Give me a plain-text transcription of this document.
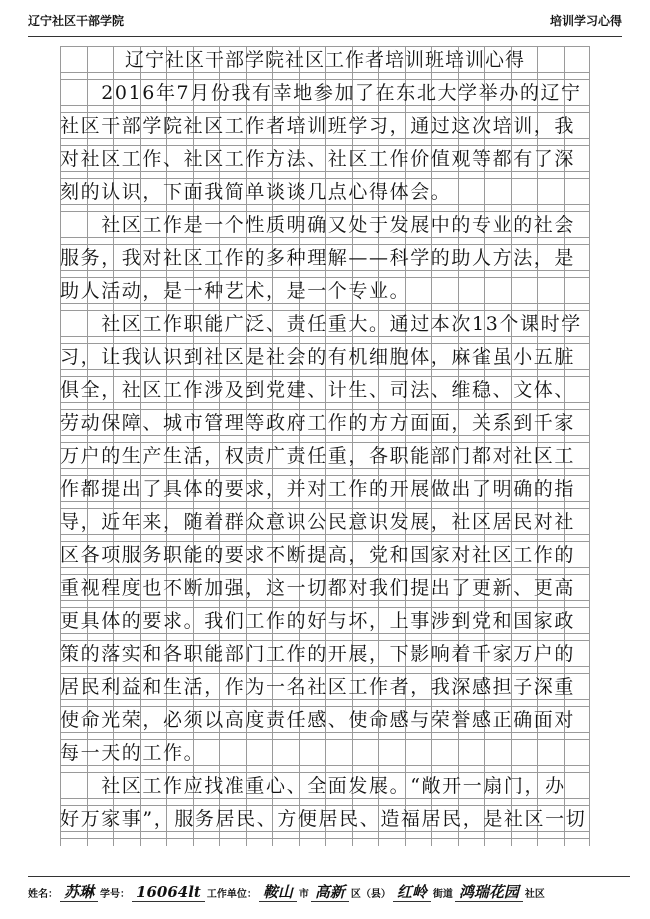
辽宁社区干部学院	培训学习心得
辽宁社区干部学院社区工作者培训班培训心得
　　2016年7月份我有幸地参加了在东北大学举办的辽宁
社区干部学院社区工作者培训班学习，通过这次培训，我
对社区工作、社区工作方法、社区工作价值观等都有了深
刻的认识，下面我简单谈谈几点心得体会。
　　社区工作是一个性质明确又处于发展中的专业的社会
服务，我对社区工作的多种理解——科学的助人方法，是
助人活动，是一种艺术，是一个专业。
　　社区工作职能广泛、责任重大。通过本次13个课时学
习，让我认识到社区是社会的有机细胞体，麻雀虽小五脏
俱全，社区工作涉及到党建、计生、司法、维稳、文体、
劳动保障、城市管理等政府工作的方方面面，关系到千家
万户的生产生活，权责广责任重，各职能部门都对社区工
作都提出了具体的要求，并对工作的开展做出了明确的指
导，近年来，随着群众意识公民意识发展，社区居民对社
区各项服务职能的要求不断提高，党和国家对社区工作的
重视程度也不断加强，这一切都对我们提出了更新、更高
更具体的要求。我们工作的好与坏，上事涉到党和国家政
策的落实和各职能部门工作的开展，下影响着千家万户的
居民利益和生活，作为一名社区工作者，我深感担子深重
使命光荣，必须以高度责任感、使命感与荣誉感正确面对
每一天的工作。
　　社区工作应找准重心、全面发展。“敞开一扇门，办
好万家事”，服务居民、方便居民、造福居民，是社区一切
姓名： 苏琳 学号： 16064lt 工作单位： 鞍山 市 高新 区（县） 红岭 街道 鸿瑞花园 社区
